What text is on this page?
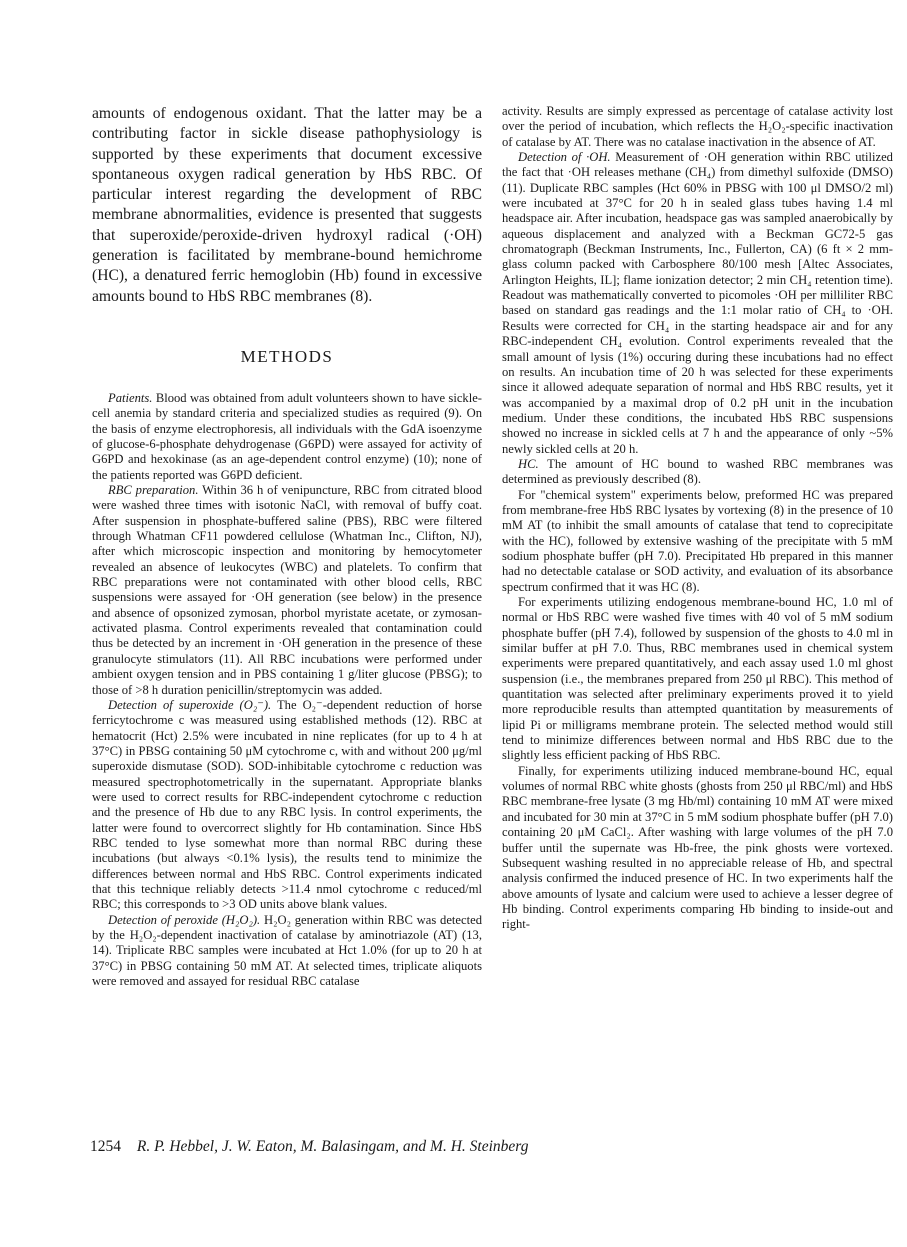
amounts of endogenous oxidant. That the latter may be a contributing factor in sickle disease pathophysiology is supported by these experiments that document excessive spontaneous oxygen radical generation by HbS RBC. Of particular interest regarding the development of RBC membrane abnormalities, evidence is presented that suggests that superoxide/peroxide-driven hydroxyl radical (·OH) generation is facilitated by membrane-bound hemichrome (HC), a denatured ferric hemoglobin (Hb) found in excessive amounts bound to HbS RBC membranes (8).

METHODS

Patients. Blood was obtained from adult volunteers shown to have sickle-cell anemia by standard criteria and specialized studies as required (9). On the basis of enzyme electrophoresis, all individuals with the GdA isoenzyme of glucose-6-phosphate dehydrogenase (G6PD) were assayed for activity of G6PD and hexokinase (as an age-dependent control enzyme) (10); none of the patients reported was G6PD deficient.

RBC preparation. Within 36 h of venipuncture, RBC from citrated blood were washed three times with isotonic NaCl, with removal of buffy coat. After suspension in phosphate-buffered saline (PBS), RBC were filtered through Whatman CF11 powdered cellulose (Whatman Inc., Clifton, NJ), after which microscopic inspection and monitoring by hemocytometer revealed an absence of leukocytes (WBC) and platelets. To confirm that RBC preparations were not contaminated with other blood cells, RBC suspensions were assayed for ·OH generation (see below) in the presence and absence of opsonized zymosan, phorbol myristate acetate, or zymosan-activated plasma. Control experiments revealed that contamination could thus be detected by an increment in ·OH generation in the presence of these granulocyte stimulators (11). All RBC incubations were performed under ambient oxygen tension and in PBS containing 1 g/liter glucose (PBSG); to those of >8 h duration penicillin/streptomycin was added.

Detection of superoxide (O₂⁻). The O₂⁻-dependent reduction of horse ferricytochrome c was measured using established methods (12). RBC at hematocrit (Hct) 2.5% were incubated in nine replicates (for up to 4 h at 37°C) in PBSG containing 50 μM cytochrome c, with and without 200 μg/ml superoxide dismutase (SOD). SOD-inhibitable cytochrome c reduction was measured spectrophotometrically in the supernatant. Appropriate blanks were used to correct results for RBC-independent cytochrome c reduction and the presence of Hb due to any RBC lysis. In control experiments, the latter were found to overcorrect slightly for Hb contamination. Since HbS RBC tended to lyse somewhat more than normal RBC during these incubations (but always <0.1% lysis), the results tend to minimize the differences between normal and HbS RBC. Control experiments indicated that this technique reliably detects >11.4 nmol cytochrome c reduced/ml RBC; this corresponds to >3 OD units above blank values.

Detection of peroxide (H₂O₂). H₂O₂ generation within RBC was detected by the H₂O₂-dependent inactivation of catalase by aminotriazole (AT) (13, 14). Triplicate RBC samples were incubated at Hct 1.0% (for up to 20 h at 37°C) in PBSG containing 50 mM AT. At selected times, triplicate aliquots were removed and assayed for residual RBC catalase

activity. Results are simply expressed as percentage of catalase activity lost over the period of incubation, which reflects the H₂O₂-specific inactivation of catalase by AT. There was no catalase inactivation in the absence of AT.

Detection of ·OH. Measurement of ·OH generation within RBC utilized the fact that ·OH releases methane (CH₄) from dimethyl sulfoxide (DMSO) (11). Duplicate RBC samples (Hct 60% in PBSG with 100 μl DMSO/2 ml) were incubated at 37°C for 20 h in sealed glass tubes having 1.4 ml headspace air. After incubation, headspace gas was sampled anaerobically by aqueous displacement and analyzed with a Beckman GC72-5 gas chromatograph (Beckman Instruments, Inc., Fullerton, CA) (6 ft × 2 mm-glass column packed with Carbosphere 80/100 mesh [Altec Associates, Arlington Heights, IL]; flame ionization detector; 2 min CH₄ retention time). Readout was mathematically converted to picomoles ·OH per milliliter RBC based on standard gas readings and the 1:1 molar ratio of CH₄ to ·OH. Results were corrected for CH₄ in the starting headspace air and for any RBC-independent CH₄ evolution. Control experiments revealed that the small amount of lysis (1%) occuring during these incubations had no effect on results. An incubation time of 20 h was selected for these experiments since it allowed adequate separation of normal and HbS RBC results, yet it was accompanied by a maximal drop of 0.2 pH unit in the incubation medium. Under these conditions, the incubated HbS RBC suspensions showed no increase in sickled cells at 7 h and the appearance of only ~5% newly sickled cells at 20 h.

HC. The amount of HC bound to washed RBC membranes was determined as previously described (8).

For "chemical system" experiments below, preformed HC was prepared from membrane-free HbS RBC lysates by vortexing (8) in the presence of 10 mM AT (to inhibit the small amounts of catalase that tend to coprecipitate with the HC), followed by extensive washing of the precipitate with 5 mM sodium phosphate buffer (pH 7.0). Precipitated Hb prepared in this manner had no detectable catalase or SOD activity, and evaluation of its absorbance spectrum confirmed that it was HC (8).

For experiments utilizing endogenous membrane-bound HC, 1.0 ml of normal or HbS RBC were washed five times with 40 vol of 5 mM sodium phosphate buffer (pH 7.4), followed by suspension of the ghosts to 4.0 ml in similar buffer at pH 7.0. Thus, RBC membranes used in chemical system experiments were prepared quantitatively, and each assay used 1.0 ml ghost suspension (i.e., the membranes prepared from 250 μl RBC). This method of quantitation was selected after preliminary experiments proved it to yield more reproducible results than attempted quantitation by measurements of lipid Pi or milligrams membrane protein. The selected method would still tend to minimize differences between normal and HbS RBC due to the slightly less efficient packing of HbS RBC.

Finally, for experiments utilizing induced membrane-bound HC, equal volumes of normal RBC white ghosts (ghosts from 250 μl RBC/ml) and HbS RBC membrane-free lysate (3 mg Hb/ml) containing 10 mM AT were mixed and incubated for 30 min at 37°C in 5 mM sodium phosphate buffer (pH 7.0) containing 20 μM CaCl₂. After washing with large volumes of the pH 7.0 buffer until the supernate was Hb-free, the pink ghosts were vortexed. Subsequent washing resulted in no appreciable release of Hb, and spectral analysis confirmed the induced presence of HC. In two experiments half the above amounts of lysate and calcium were used to achieve a lesser degree of Hb binding. Control experiments comparing Hb binding to inside-out and right-

1254 R. P. Hebbel, J. W. Eaton, M. Balasingam, and M. H. Steinberg
